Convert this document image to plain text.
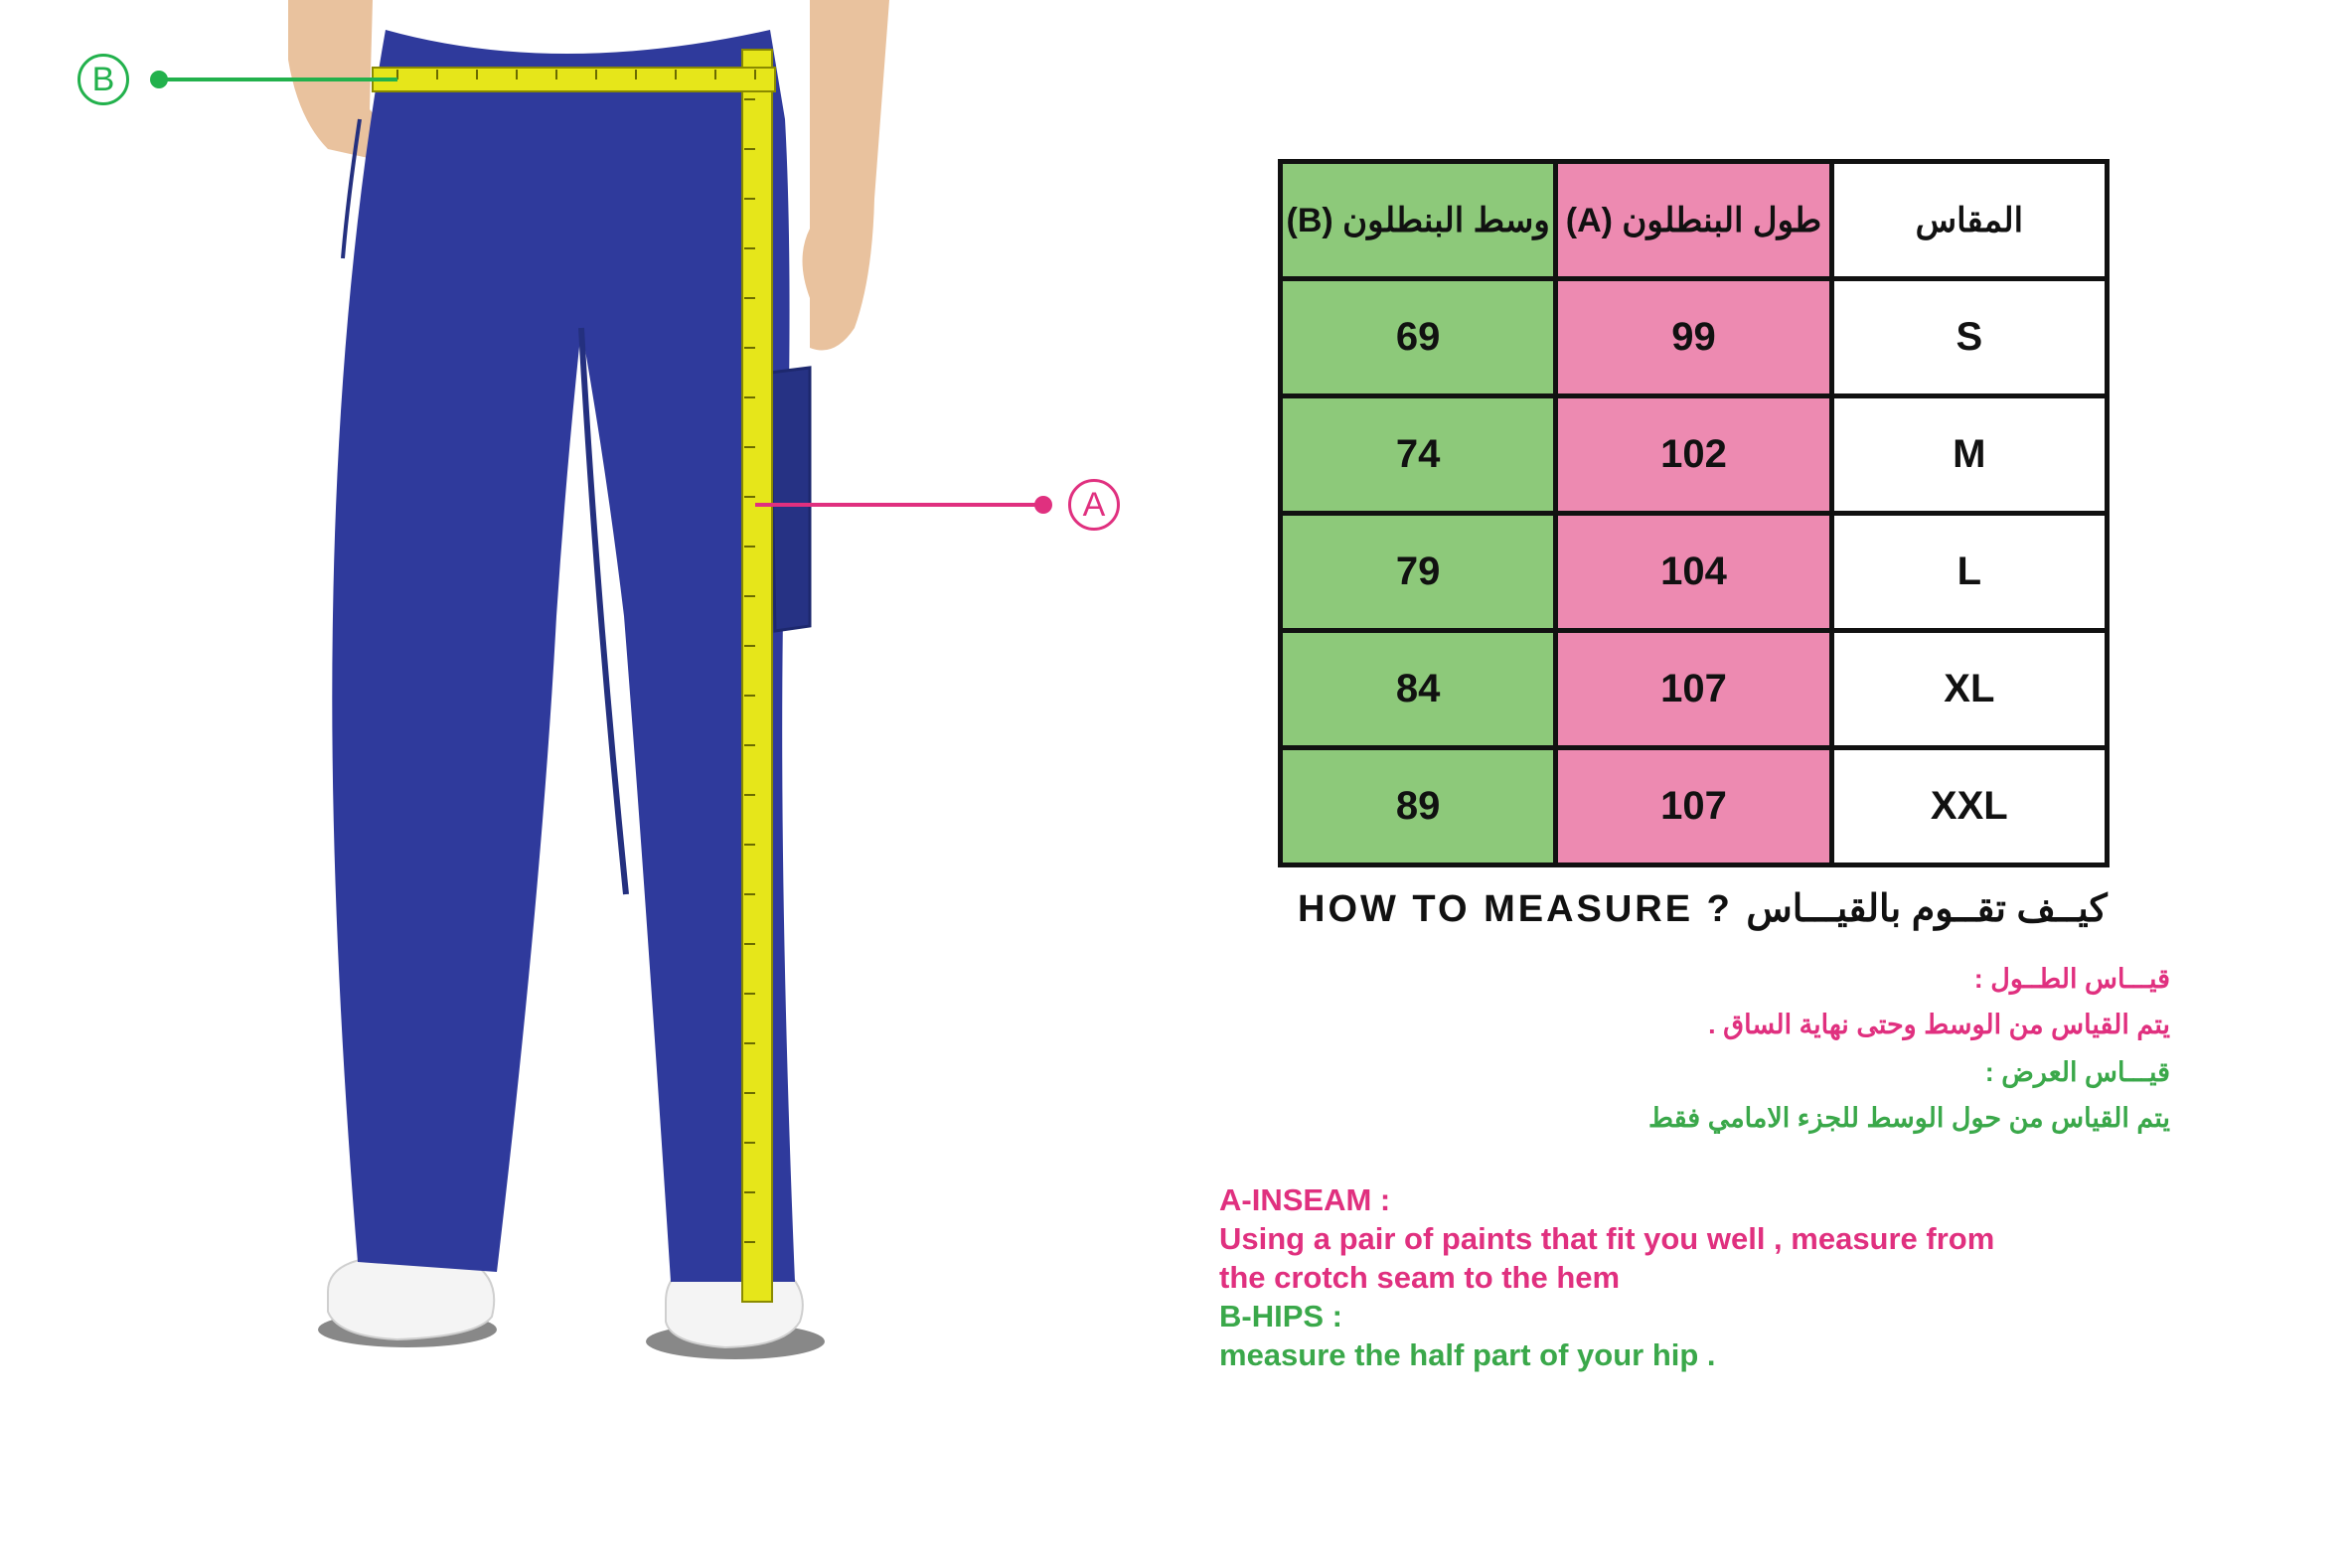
B
A
وسط البنطلون (B)	طول البنطلون (A)	المقاس
69	99	S
74	102	M
79	104	L
84	107	XL
89	107	XXL
HOW TO MEASURE ? كيــف تقــوم بالقيـــاس
قيـــاس الطــول :
يتم القياس من الوسط وحتى نهاية الساق .
قيـــاس العرض :
يتم القياس من حول الوسط للجزء الامامي فقط
A-INSEAM :
Using a pair of paints that fit you well , measure from
the crotch seam to the hem
B-HIPS :
measure the half part of your hip .
